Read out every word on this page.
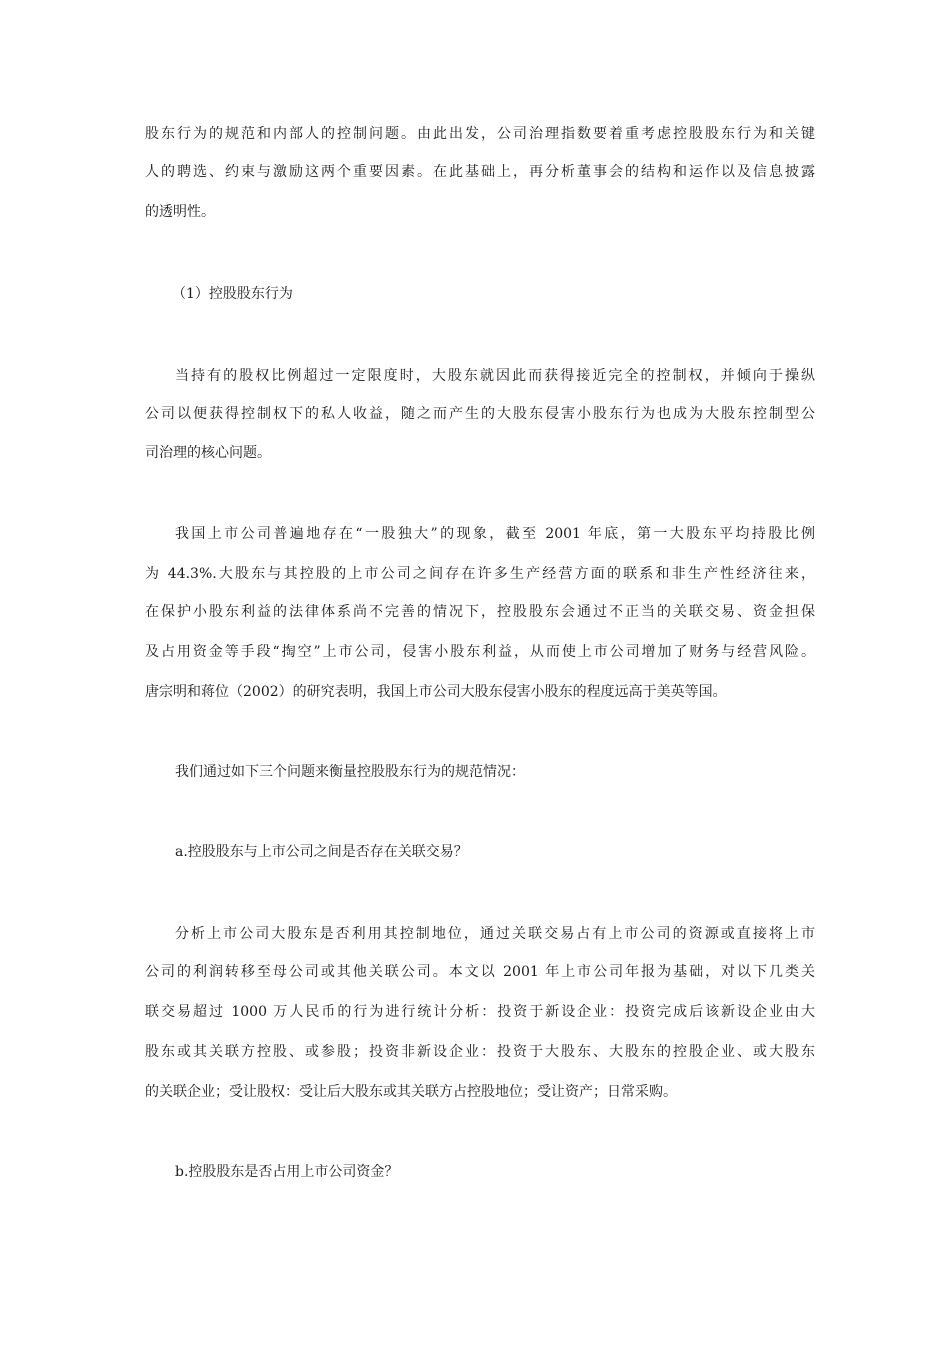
股东行为的规范和内部人的控制问题。由此出发，公司治理指数要着重考虑控股股东行为和关键
人的聘选、约束与激励这两个重要因素。在此基础上，再分析董事会的结构和运作以及信息披露
的透明性。
（1）控股股东行为
当持有的股权比例超过一定限度时，大股东就因此而获得接近完全的控制权，并倾向于操纵
公司以便获得控制权下的私人收益，随之而产生的大股东侵害小股东行为也成为大股东控制型公
司治理的核心问题。
我国上市公司普遍地存在“一股独大”的现象，截至 2001 年底，第一大股东平均持股比例
为 44.3%.大股东与其控股的上市公司之间存在许多生产经营方面的联系和非生产性经济往来，
在保护小股东利益的法律体系尚不完善的情况下，控股股东会通过不正当的关联交易、资金担保
及占用资金等手段“掏空”上市公司，侵害小股东利益，从而使上市公司增加了财务与经营风险。
唐宗明和蒋位（2002）的研究表明，我国上市公司大股东侵害小股东的程度远高于美英等国。
我们通过如下三个问题来衡量控股股东行为的规范情况：
a.控股股东与上市公司之间是否存在关联交易？
分析上市公司大股东是否利用其控制地位，通过关联交易占有上市公司的资源或直接将上市
公司的利润转移至母公司或其他关联公司。本文以 2001 年上市公司年报为基础，对以下几类关
联交易超过 1000 万人民币的行为进行统计分析：投资于新设企业：投资完成后该新设企业由大
股东或其关联方控股、或参股；投资非新设企业：投资于大股东、大股东的控股企业、或大股东
的关联企业；受让股权：受让后大股东或其关联方占控股地位；受让资产；日常采购。
b.控股股东是否占用上市公司资金？
